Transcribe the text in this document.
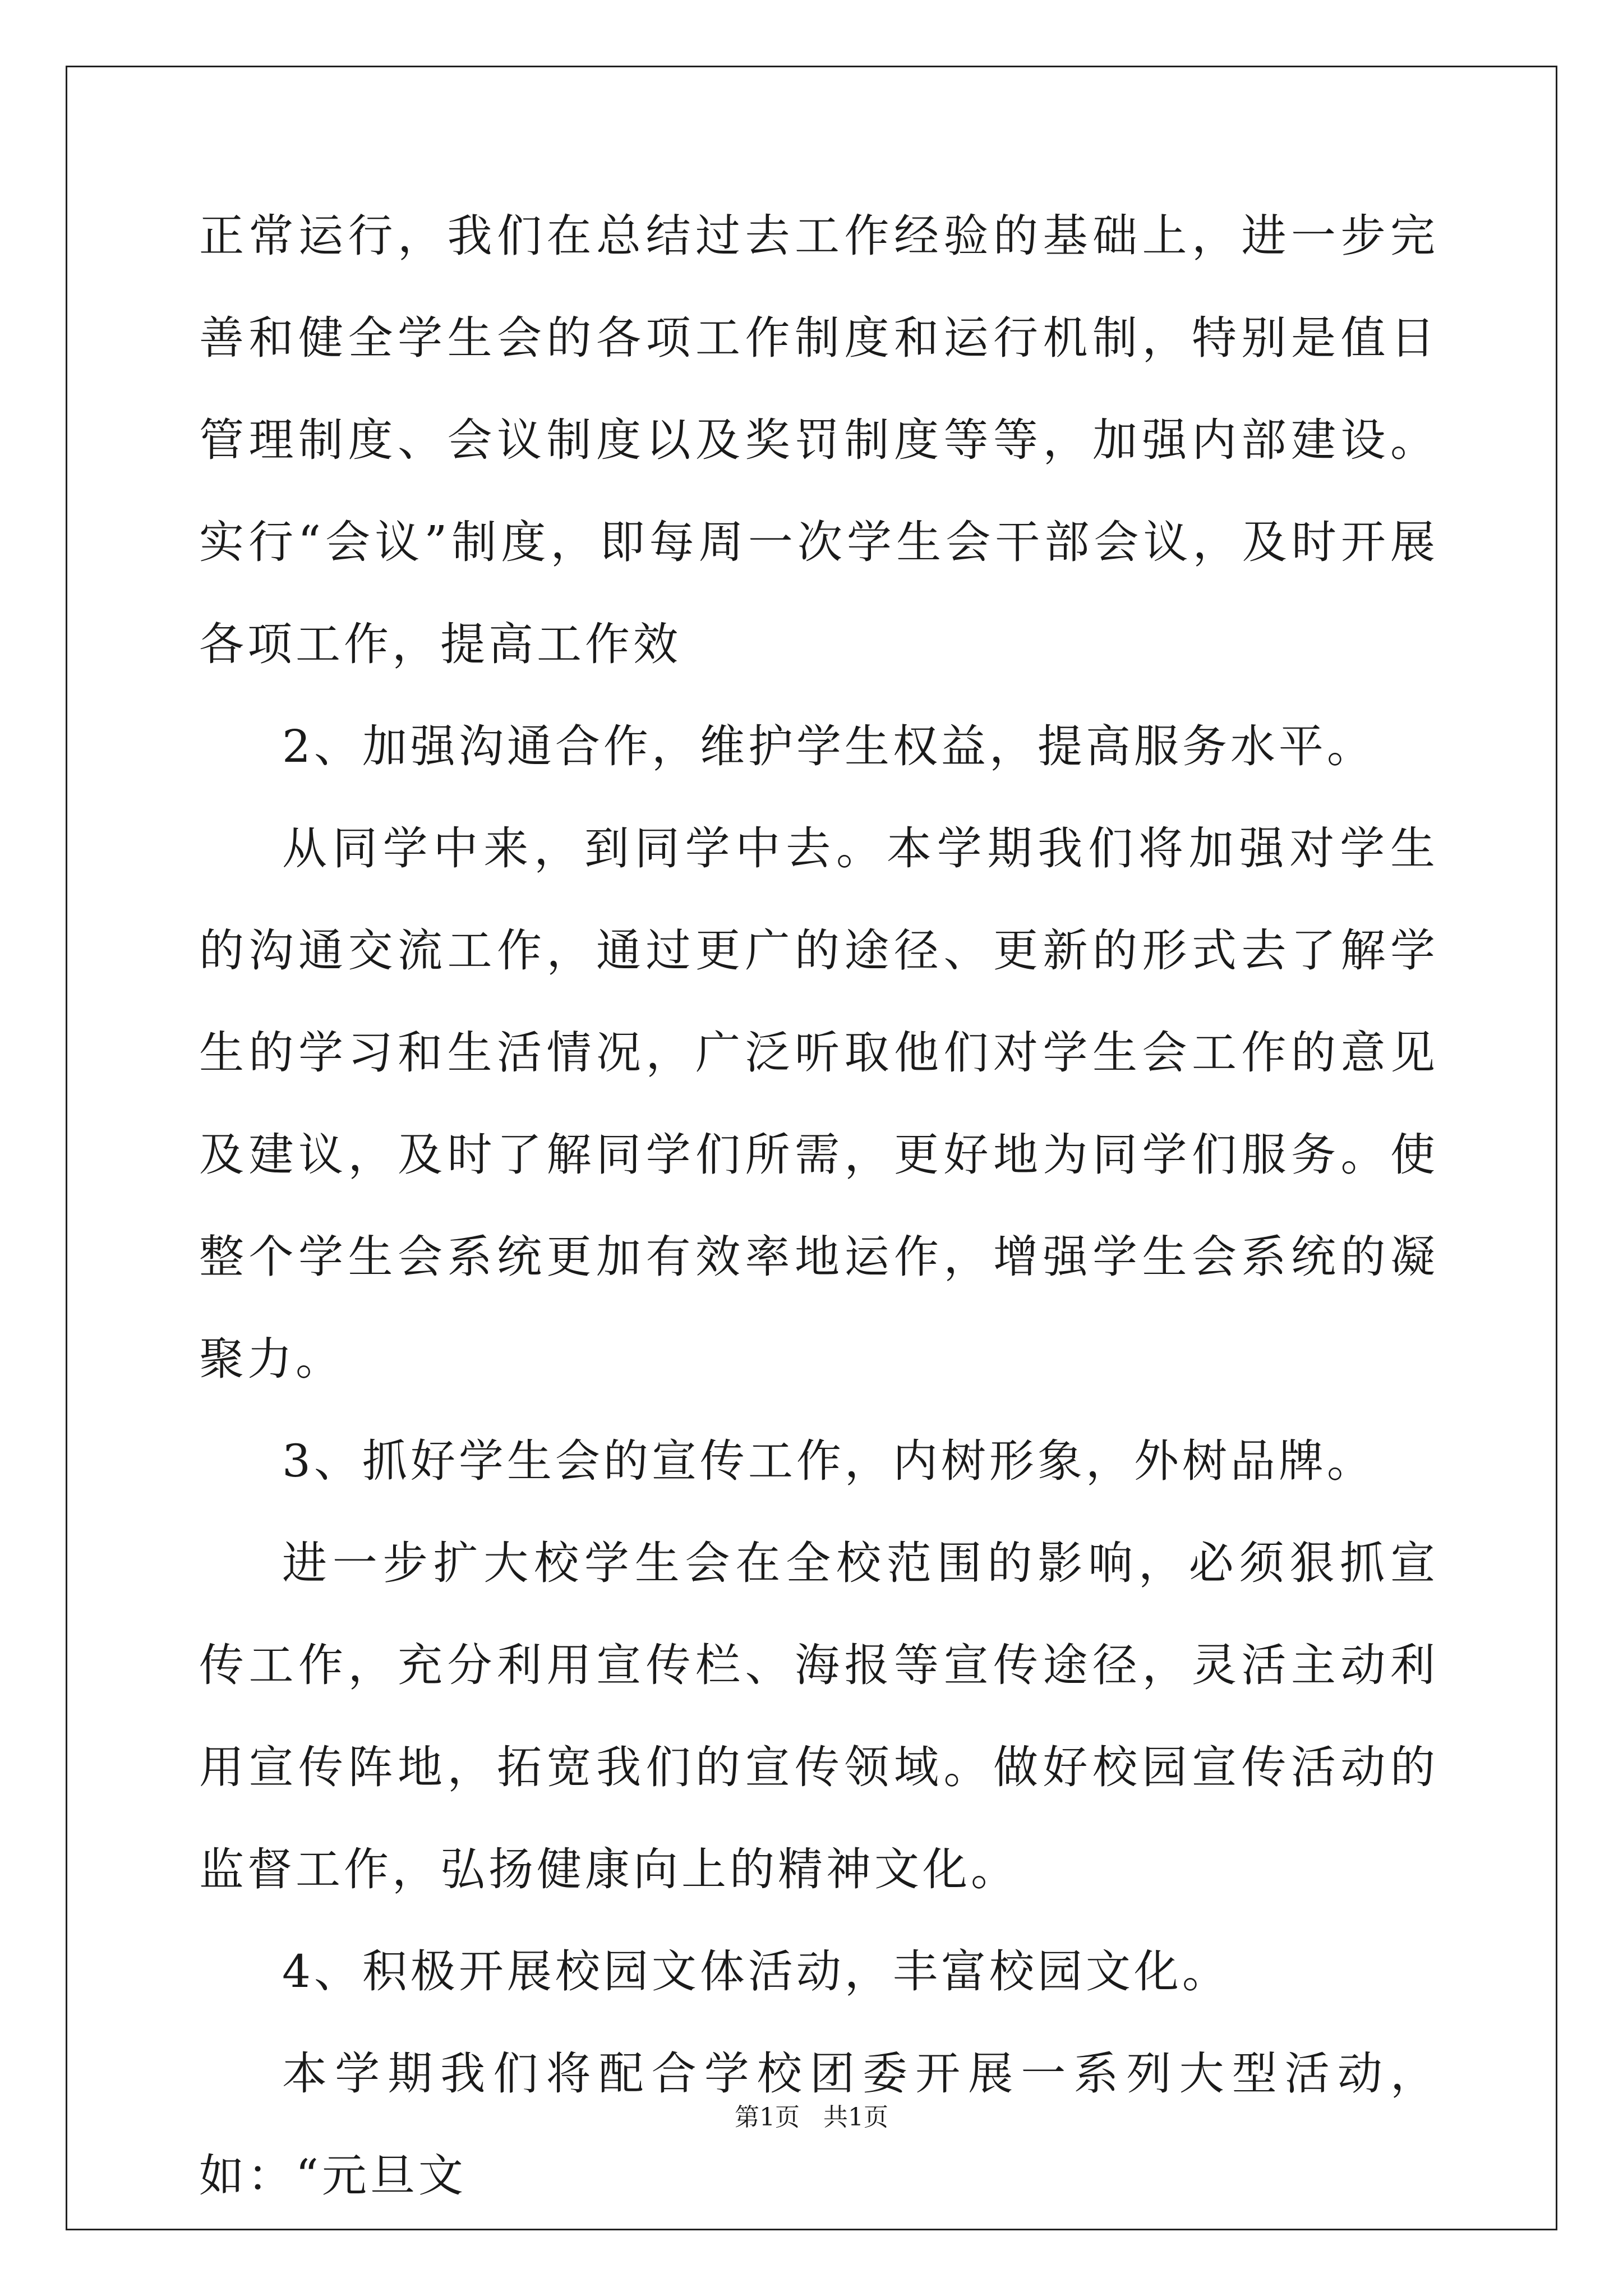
正常运行，我们在总结过去工作经验的基础上，进一步完善和健全学生会的各项工作制度和运行机制，特别是值日管理制度、会议制度以及奖罚制度等等，加强内部建设。实行“会议”制度，即每周一次学生会干部会议，及时开展各项工作，提高工作效

2、加强沟通合作，维护学生权益，提高服务水平。

从同学中来，到同学中去。本学期我们将加强对学生的沟通交流工作，通过更广的途径、更新的形式去了解学生的学习和生活情况，广泛听取他们对学生会工作的意见及建议，及时了解同学们所需，更好地为同学们服务。使整个学生会系统更加有效率地运作，增强学生会系统的凝聚力。

3、抓好学生会的宣传工作，内树形象，外树品牌。

进一步扩大校学生会在全校范围的影响，必须狠抓宣传工作，充分利用宣传栏、海报等宣传途径，灵活主动利用宣传阵地，拓宽我们的宣传领域。做好校园宣传活动的监督工作，弘扬健康向上的精神文化。

4、积极开展校园文体活动，丰富校园文化。

本学期我们将配合学校团委开展一系列大型活动，如：“元旦文

第1页   共1页
